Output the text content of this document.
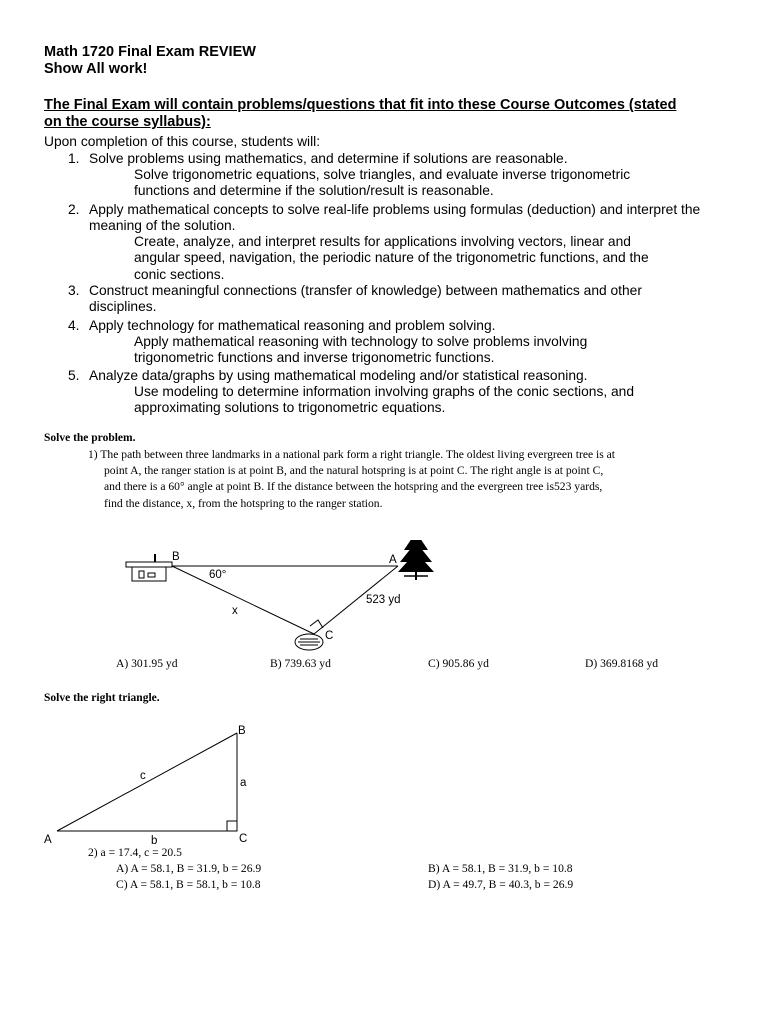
Math 1720 Final Exam REVIEW
Show All work!
The Final Exam will contain problems/questions that fit into these Course Outcomes (stated
on the course syllabus):
Upon completion of this course, students will:
1. Solve problems using mathematics, and determine if solutions are reasonable.
Solve trigonometric equations, solve triangles, and evaluate inverse trigonometric
functions and determine if the solution/result is reasonable.
2. Apply mathematical concepts to solve real-life problems using formulas (deduction) and interpret the
meaning of the solution.
Create, analyze, and interpret results for applications involving vectors, linear and
angular speed, navigation, the periodic nature of the trigonometric functions, and the
conic sections.
3. Construct meaningful connections (transfer of knowledge) between mathematics and other
disciplines.
4. Apply technology for mathematical reasoning and problem solving.
Apply mathematical reasoning with technology to solve problems involving
trigonometric functions and inverse trigonometric functions.
5. Analyze data/graphs by using mathematical modeling and/or statistical reasoning.
Use modeling to determine information involving graphs of the conic sections, and
approximating solutions to trigonometric equations.
Solve the problem.
1) The path between three landmarks in a national park form a right triangle. The oldest living evergreen tree is at
point A, the ranger station is at point B, and the natural hotspring is at point C. The right angle is at point C,
and there is a 60° angle at point B. If the distance between the hotspring and the evergreen tree is523 yards,
find the distance, x, from the hotspring to the ranger station.
B	A
C
60°
x
523 yd
A) 301.95 yd	B) 739.63 yd	C) 905.86 yd	D) 369.8168 yd
Solve the right triangle.
A
B
C
a
b
c
2) a = 17.4, c = 20.5
A) A = 58.1, B = 31.9, b = 26.9	B) A = 58.1, B = 31.9, b = 10.8
C) A = 58.1, B = 58.1, b = 10.8	D) A = 49.7, B = 40.3, b = 26.9
